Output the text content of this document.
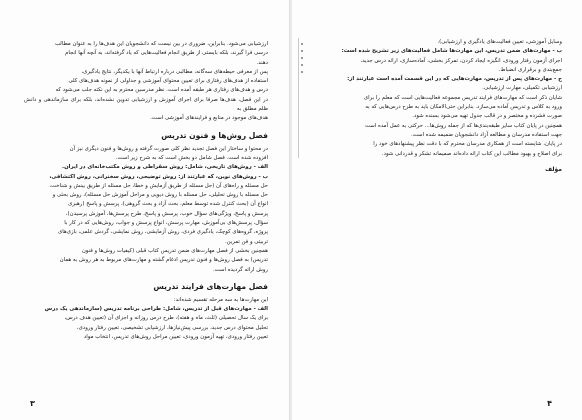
ارزشیابی می‌شود. بنابراین، ضروری در بین نیست که دانشجویان این هدف‌ها را به عنوان مطالب

درسی فرا گیرند، بلکه بایستی از طریق انجام فعالیت‌هایی که یاد گرفته‌اند، به آنچه آنها انجام

دهند.

پس از معرفی حیطه‌های سه‌گانه، مطالبی درباره ارتباط آنها با یکدیگر، نتایج یادگیری،

استفاده از هدف‌های رفتاری برای تعیین محتوای آموزشی و جداولی از نمونه هدف‌های کلی

درس و هدف‌های رفتاری هر طبقه آمده است. نظر مدرسین محترم به این نکته جلب می‌شود که

در این فصل، هدف‌ها صرفا برای اجرای آموزش و ارزشیابی تدوین نشده‌اند، بلکه برای سازماندهی و دانش ظلم مطلق به

هدف‌های موجود در منابع و فرایندهای آموزشی است.

فصل روش‌ها و فنون تدریس

در محتوا و ساختار این فصل تجدید نظر کلی صورت گرفته و روش‌ها و فنون دیگری نیز آن

افزوده شده است. فصل شامل دو بخش است که به شرح زیر است.

الف - روش‌های تاریخی، شامل: روش سقراطی و روش مکتب‌خانه‌ای در ایران.

ب - روش‌های نوین، که عبارتند از: روش توضیحی، روش سخنرانی، روش اکتشافی،

حل مسئله و راه‌های آن (حل مسئله از طریق آزمایش و خطا، حل مسئله از طریق بینش و شناخت،

حل مسئله با روش تحلیلی، حل مسئله با روش دیویی و مراحل آموزش حل مسئله)، روش بحثی و

انواع آن (بحث کنترل شده توسط معلم، بحث آزاد و بحث گروهی)، پرسش و پاسخ (رهبری

پرسش و پاسخ، ویژگی‌های سؤال خوب، پرسش و پاسخ، طرح پرسش‌ها، آموزش پرسیدن)،

سؤال، پرسش‌های بی‌آموزش، مهارت پرسش، انواع پرسش و جواب، روش‌هایی که در کار با

پروژه، گروه‌های کوچک، یادگیری فردی، روش آزمایشی، روش نمایشی، گردش علمی، بازی‌های

تربیتی و فن تمرین.

همچنین بخشی از فصل مهارت‌های ضمن تدریس کتاب قبلی (کیفیات روش‌ها و فنون

تدریس) به فصل روش‌ها و فنون تدریس ادغام گشته و مهارت‌های مربوط به هر روش به همان

روش ارائه گردیده است.

فصل مهارت‌های فرایند تدریس

این مهارت‌ها به سه مرحله تقسیم شده‌اند:

الف - مهارت‌های قبل از تدریس، شامل: طراحی برنامه تدریس (سازماندهی یک درس

برای یک سال تحصیلی (ثلث، ماه و هفته)، طرح درس روزانه و اجزای آن (تعیین هدف درس،

تحلیل محتوای درس جدید، بررسی پیش‌نیازها، ارزشیابی تشخیصی، تعیین رفتار ورودی،

تعیین رفتار ورودی، تهیه آزمون ورودی، تعیین مراحل روش‌های تدریس، انتخاب مواد

۳

وسایل آموزشی، تعیین فعالیت‌های یادگیری و ارزشیابی).

ب - مهارت‌های ضمن تدریس، این مهارت‌ها شامل فعالیت‌های زیر تشریح شده است:

اجرای آزمون رفتار ورودی، انگیزه ایجاد کردن، تمرکز بخشی، آماده‌سازی، ارائه درس جدید،

جمع‌بندی و برقراری انضباط.

ج - مهارت‌های پس از تدریس، مهارت‌هایی که در این قسمت آمده است عبارتند از:

ارزشیابی تکمیلی، مهارت ارزشیابی.

شایان ذکر است که مهارت‌های فرایند تدریس مجموعه فعالیت‌هایی است که معلم را برای

ورود به کلاس و تدریس آماده می‌سازد. بنابراین حتی‌الامکان باید به طرح درس‌هایی که به

صورت فشرده و مختصر و در قالب جدول تهیه می‌شود بسنده شود.

همچنین در پایان کتاب سایر طبقه‌بندی‌ها که از جمله روش‌ها... حرکتی به عمل آمده است

جهت استفاده مدرسان و مطالعه آزاد دانشجویان ضمیمه شده است.

در پایان، شایسته است از همکاری مدرسان محترم که با دقت نظر پیشنهادهای خود را

برای اصلاح و بهبود مطالب این کتاب ارائه داده‌اند صمیمانه تشکر و قدردانی شود.

مؤلف
۴
